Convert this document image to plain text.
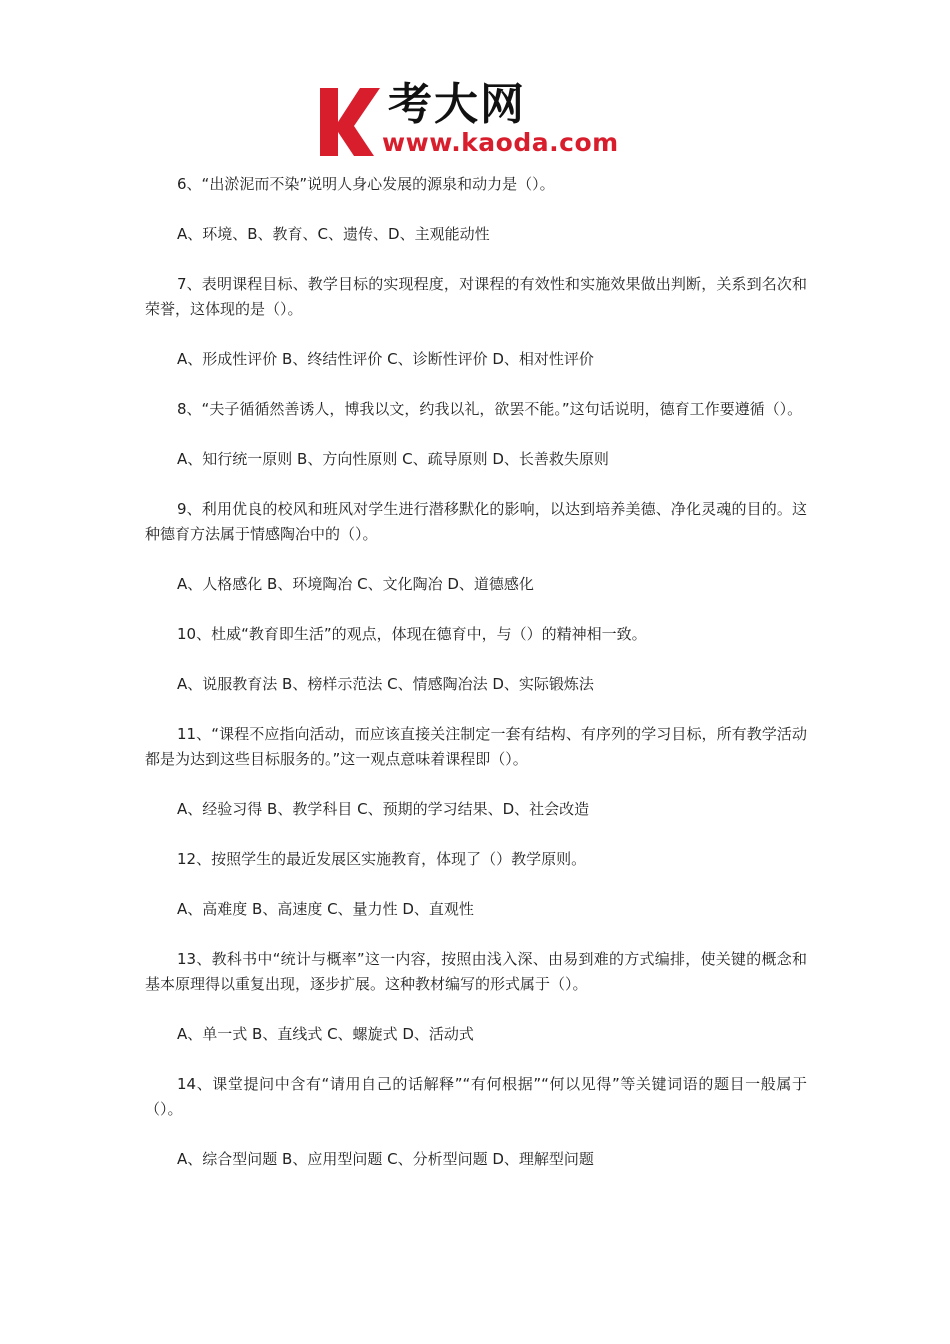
考大网
www.kaoda.com

6、“出淤泥而不染”说明人身心发展的源泉和动力是（）。

A、环境、B、教育、C、遗传、D、主观能动性

7、表明课程目标、教学目标的实现程度，对课程的有效性和实施效果做出判断，关系到名次和荣誉，这体现的是（）。

A、形成性评价 B、终结性评价 C、诊断性评价 D、相对性评价

8、“夫子循循然善诱人，博我以文，约我以礼，欲罢不能。”这句话说明，德育工作要遵循（）。

A、知行统一原则 B、方向性原则 C、疏导原则 D、长善救失原则

9、利用优良的校风和班风对学生进行潜移默化的影响，以达到培养美德、净化灵魂的目的。这种德育方法属于情感陶冶中的（）。

A、人格感化 B、环境陶冶 C、文化陶冶 D、道德感化

10、杜威“教育即生活”的观点，体现在德育中，与（）的精神相一致。

A、说服教育法 B、榜样示范法 C、情感陶冶法 D、实际锻炼法

11、“课程不应指向活动，而应该直接关注制定一套有结构、有序列的学习目标，所有教学活动都是为达到这些目标服务的。”这一观点意味着课程即（）。

A、经验习得 B、教学科目 C、预期的学习结果、D、社会改造

12、按照学生的最近发展区实施教育，体现了（）教学原则。

A、高难度 B、高速度 C、量力性 D、直观性

13、教科书中“统计与概率”这一内容，按照由浅入深、由易到难的方式编排，使关键的概念和基本原理得以重复出现，逐步扩展。这种教材编写的形式属于（）。

A、单一式 B、直线式 C、螺旋式 D、活动式

14、课堂提问中含有“请用自己的话解释”“有何根据”“何以见得”等关键词语的题目一般属于（）。

A、综合型问题 B、应用型问题 C、分析型问题 D、理解型问题
